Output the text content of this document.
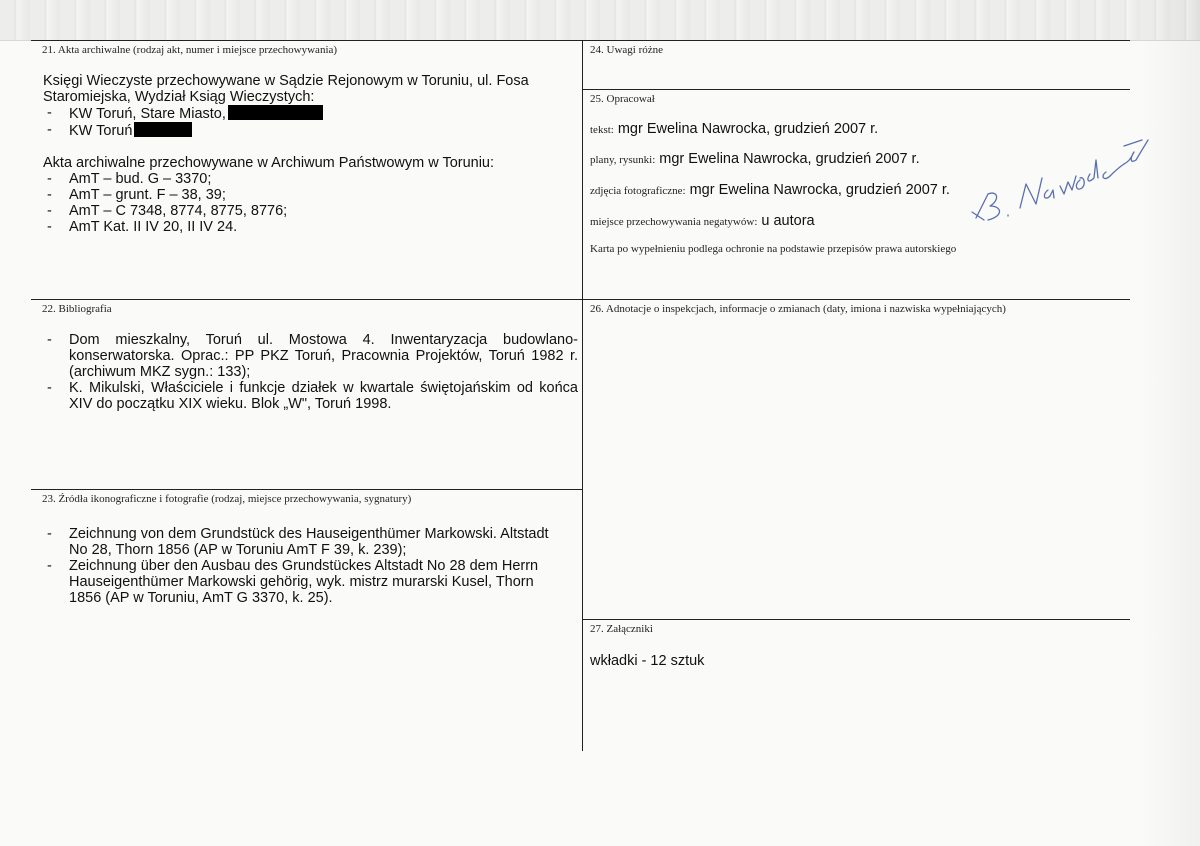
21. Akta archiwalne (rodzaj akt, numer i miejsce przechowywania)
Księgi Wieczyste przechowywane w Sądzie Rejonowym w Toruniu, ul. Fosa Staromiejska, Wydział Ksiąg Wieczystych:
- KW Toruń, Stare Miasto,
- KW Toruń
Akta archiwalne przechowywane w Archiwum Państwowym w Toruniu:
- AmT – bud. G – 3370;
- AmT – grunt. F – 38, 39;
- AmT – C 7348, 8774, 8775, 8776;
- AmT Kat. II IV 20, II IV 24.
22. Bibliografia
- Dom mieszkalny, Toruń ul. Mostowa 4. Inwentaryzacja budowlano-konserwatorska. Oprac.: PP PKZ Toruń, Pracownia Projektów, Toruń 1982 r. (archiwum MKZ sygn.: 133);
- K. Mikulski, Właściciele i funkcje działek w kwartale świętojańskim od końca XIV do początku XIX wieku. Blok „W", Toruń 1998.
23. Źródła ikonograficzne i fotografie (rodzaj, miejsce przechowywania, sygnatury)
- Zeichnung von dem Grundstück des Hauseigenthümer Markowski. Altstadt No 28, Thorn 1856 (AP w Toruniu AmT F 39, k. 239);
- Zeichnung über den Ausbau des Grundstückes Altstadt No 28 dem Herrn Hauseigenthümer Markowski gehörig, wyk. mistrz murarski Kusel, Thorn 1856 (AP w Toruniu, AmT G 3370, k. 25).
24. Uwagi różne
25. Opracował
tekst: mgr Ewelina Nawrocka, grudzień 2007 r.
plany, rysunki: mgr Ewelina Nawrocka, grudzień 2007 r.
zdjęcia fotograficzne: mgr Ewelina Nawrocka, grudzień 2007 r.
miejsce przechowywania negatywów: u autora
Karta po wypełnieniu podlega ochronie na podstawie przepisów prawa autorskiego
26. Adnotacje o inspekcjach, informacje o zmianach (daty, imiona i nazwiska wypełniających)
27. Załączniki
wkładki - 12 sztuk
